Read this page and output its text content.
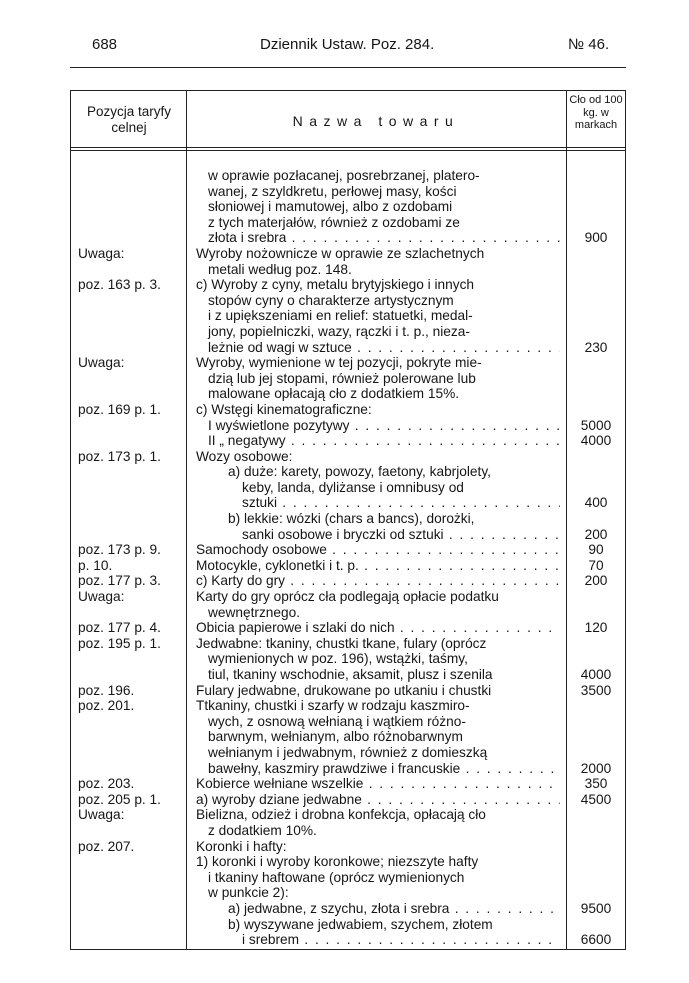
688	Dziennik Ustaw. Poz. 284.	№ 46.
Pozycja taryfy celnej	Nazwa towaru
Cło od 100 kg. w markach
w oprawie pozłacanej, posrebrzanej, platero-
wanej, z szyldkretu, perłowej masy, kości
słoniowej i mamutowej, albo z ozdobami
z tych materjałów, również z ozdobami ze
złota i srebra . . .	900
Uwaga:	Wyroby nożownicze w oprawie ze szlachetnych
metali według poz. 148.
poz. 163 p. 3.	c) Wyroby z cyny, metalu brytyjskiego i innych
stopów cyny o charakterze artystycznym
i z upiększeniami en relief: statuetki, medal-
jony, popielniczki, wazy, rączki i t. p., nieza-
leżnie od wagi w sztuce . . .	230
Uwaga:	Wyroby, wymienione w tej pozycji, pokryte mie-
dzią lub jej stopami, również polerowane lub
malowane opłacają cło z dodatkiem 15%.
poz. 169 p. 1.	c) Wstęgi kinematograficzne:
I wyświetlone pozytywy . . .	5000
II „ negatywy . . .	4000
poz. 173 p. 1.	Wozy osobowe:
a) duże: karety, powozy, faetony, kabrjolety,
keby, landa, dyliżanse i omnibusy od
sztuki . . .	400
b) lekkie: wózki (chars a bancs), dorożki,
sanki osobowe i bryczki od sztuki . . .	200
poz. 173 p. 9.	Samochody osobowe . . .	90
p. 10.	Motocykle, cyklonetki i t. p. . . .	70
poz. 177 p. 3.	c) Karty do gry . . .	200
Uwaga:	Karty do gry oprócz cła podlegają opłacie podatku
wewnętrznego.
poz. 177 p. 4.	Obicia papierowe i szlaki do nich . . .	120
poz. 195 p. 1.	Jedwabne: tkaniny, chustki tkane, fulary (oprócz
wymienionych w poz. 196), wstążki, taśmy,
tiul, tkaniny wschodnie, aksamit, plusz i szenila	4000
poz. 196.	Fulary jedwabne, drukowane po utkaniu i chustki	3500
poz. 201.	Ttkaniny, chustki i szarfy w rodzaju kaszmiro-
wych, z osnową wełnianą i wątkiem różno-
barwnym, wełnianym, albo różnobarwnym
wełnianym i jedwabnym, również z domieszką
bawełny, kaszmiry prawdziwe i francuskie . . .	2000
poz. 203.	Kobierce wełniane wszelkie . . .	350
poz. 205 p. 1.	a) wyroby dziane jedwabne . . .	4500
Uwaga:	Bielizna, odzież i drobna konfekcja, opłacają cło
z dodatkiem 10%.
poz. 207.	Koronki i hafty:
1) koronki i wyroby koronkowe; niezszyte hafty
i tkaniny haftowane (oprócz wymienionych
w punkcie 2):
a) jedwabne, z szychu, złota i srebra . . .	9500
b) wyszywane jedwabiem, szychem, złotem
i srebrem . . .	6600
